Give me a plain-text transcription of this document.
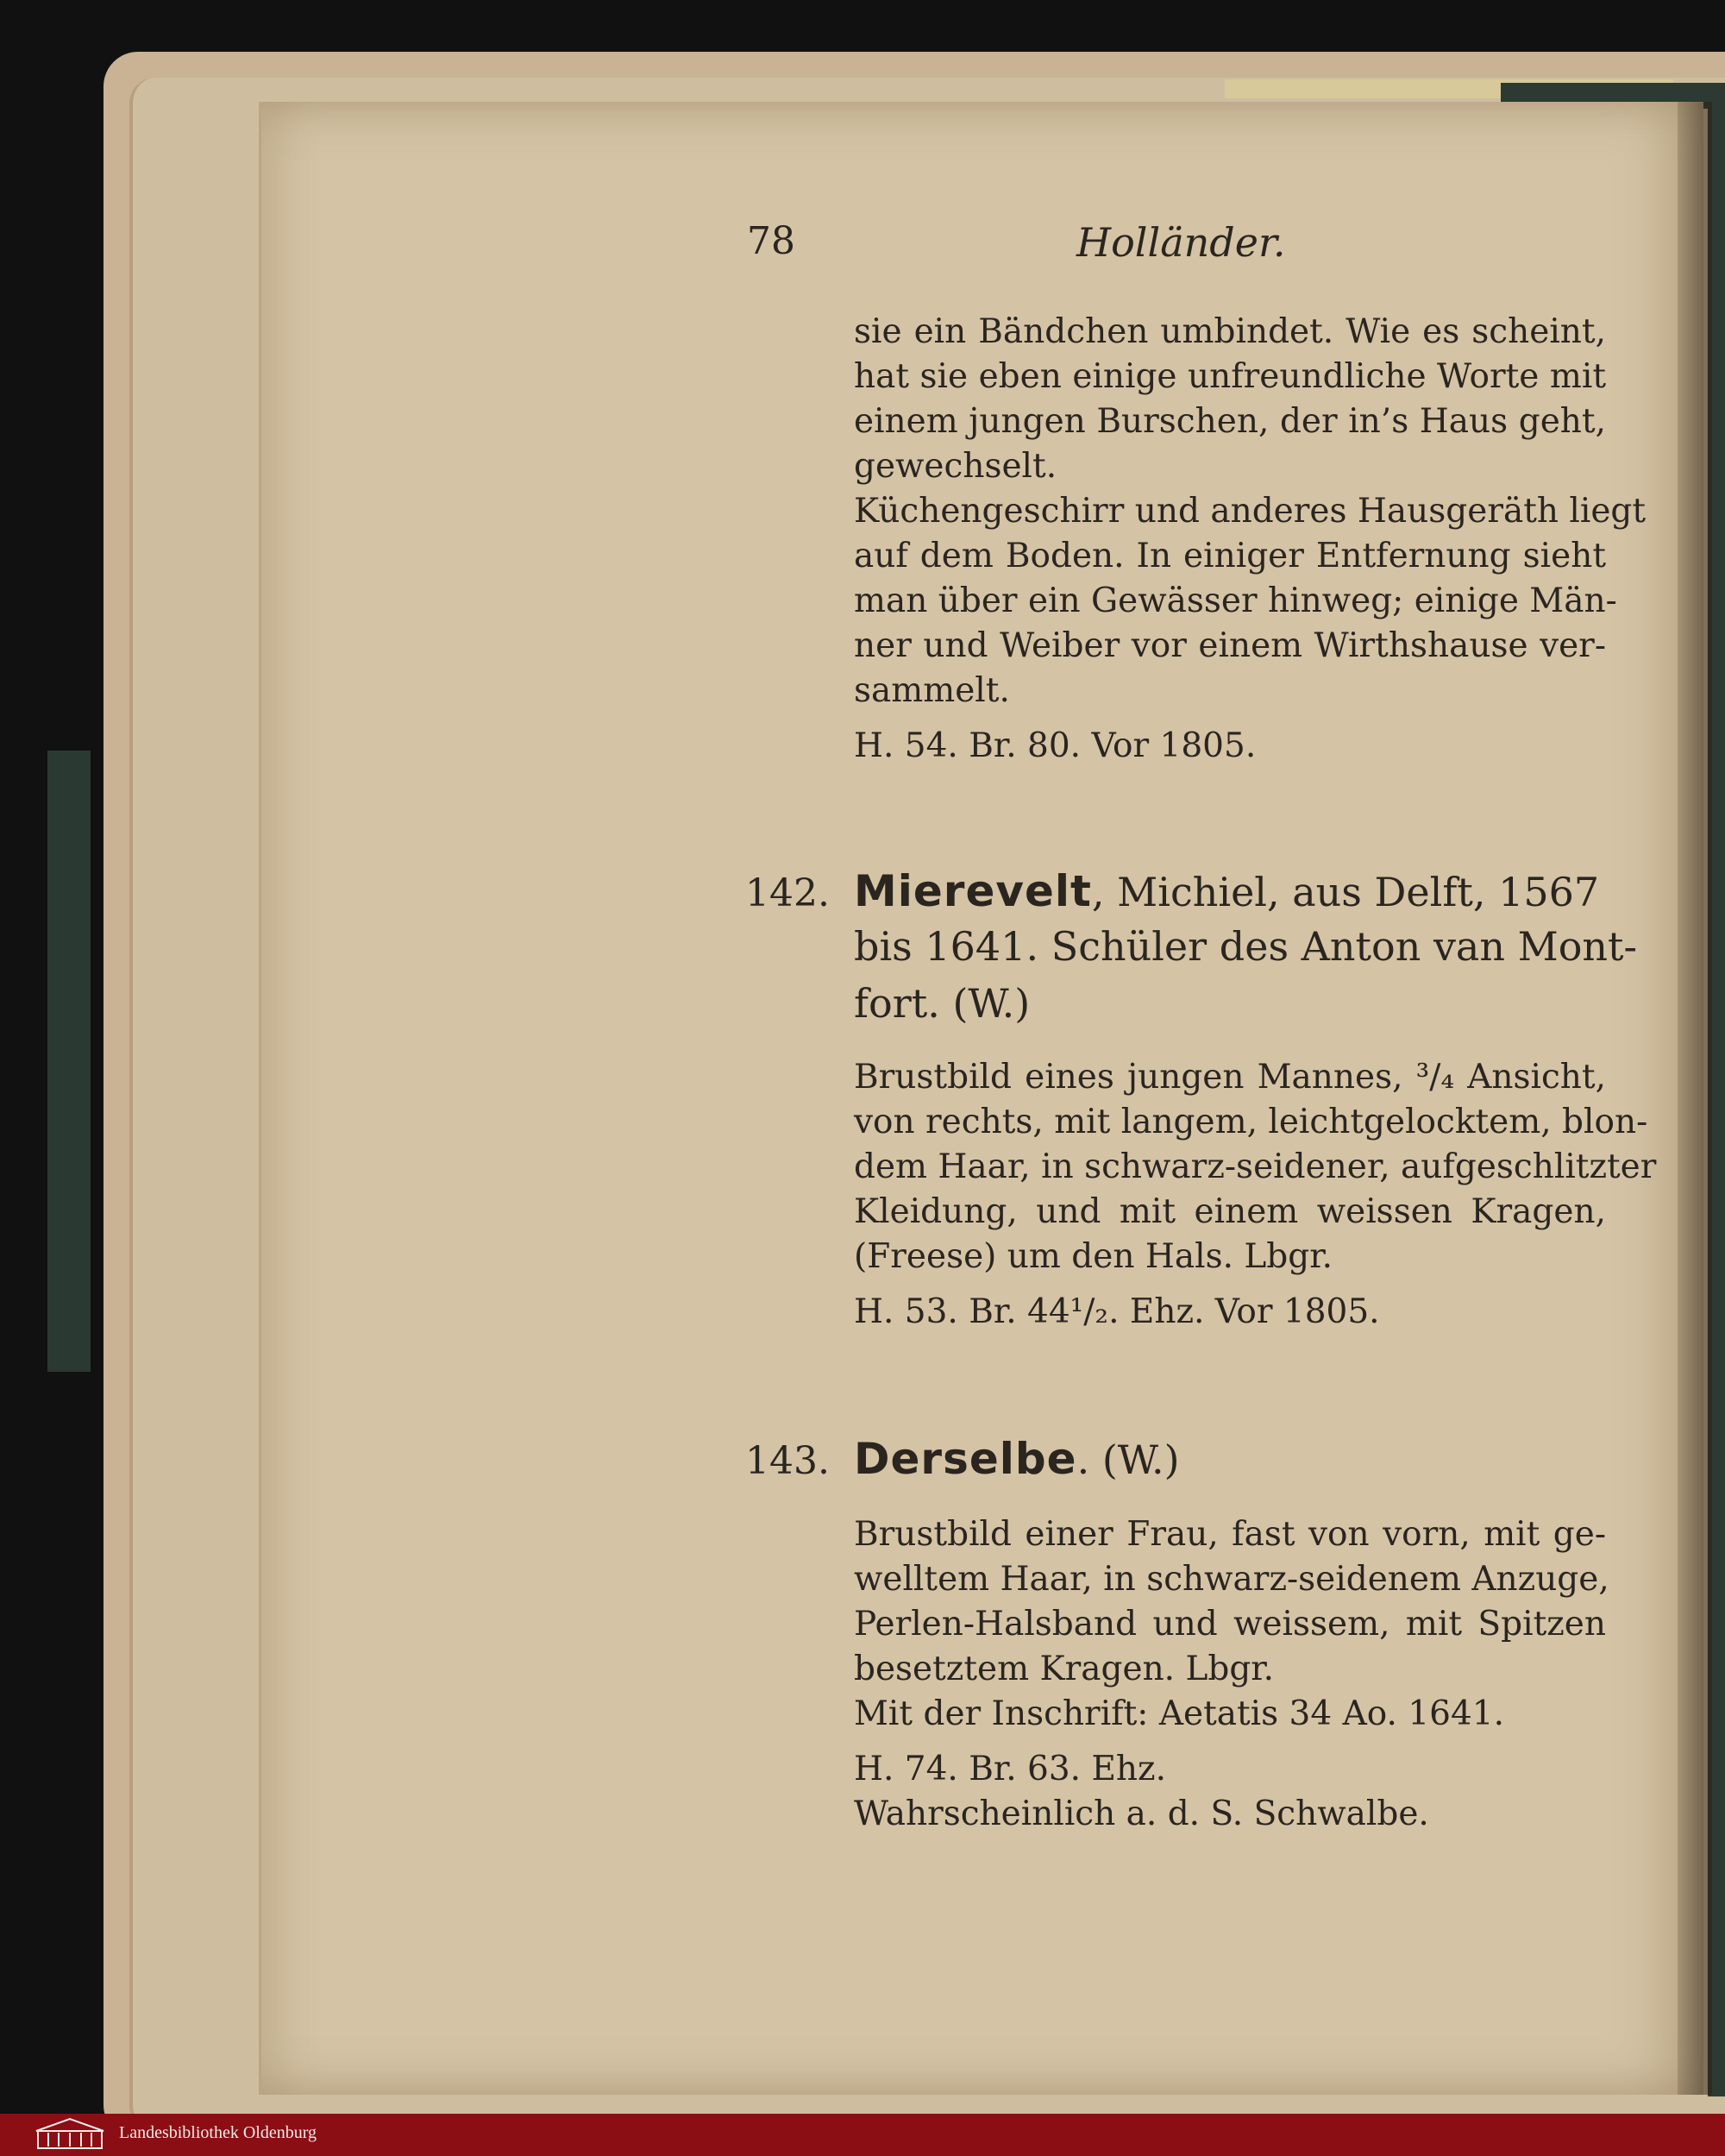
78	Holländer.
sie ein Bändchen umbindet. Wie es scheint,
hat sie eben einige unfreundliche Worte mit
einem jungen Burschen, der in’s Haus geht,
gewechselt.
Küchengeschirr und anderes Hausgeräth liegt
auf dem Boden. In einiger Entfernung sieht
man über ein Gewässer hinweg; einige Män-
ner und Weiber vor einem Wirthshause ver-
sammelt.
H. 54. Br. 80. Vor 1805.
142. Mierevelt, Michiel, aus Delft, 1567
bis 1641. Schüler des Anton van Mont-
fort. (W.)
Brustbild eines jungen Mannes, ³/₄ Ansicht,
von rechts, mit langem, leichtgelocktem, blon-
dem Haar, in schwarz-seidener, aufgeschlitzter
Kleidung, und mit einem weissen Kragen,
(Freese) um den Hals. Lbgr.
H. 53. Br. 44¹/₂. Ehz. Vor 1805.
143. Derselbe. (W.)
Brustbild einer Frau, fast von vorn, mit ge-
welltem Haar, in schwarz-seidenem Anzuge,
Perlen-Halsband und weissem, mit Spitzen
besetztem Kragen. Lbgr.
Mit der Inschrift: Aetatis 34 Ao. 1641.
H. 74. Br. 63. Ehz.
Wahrscheinlich a. d. S. Schwalbe.
Landesbibliothek Oldenburg
